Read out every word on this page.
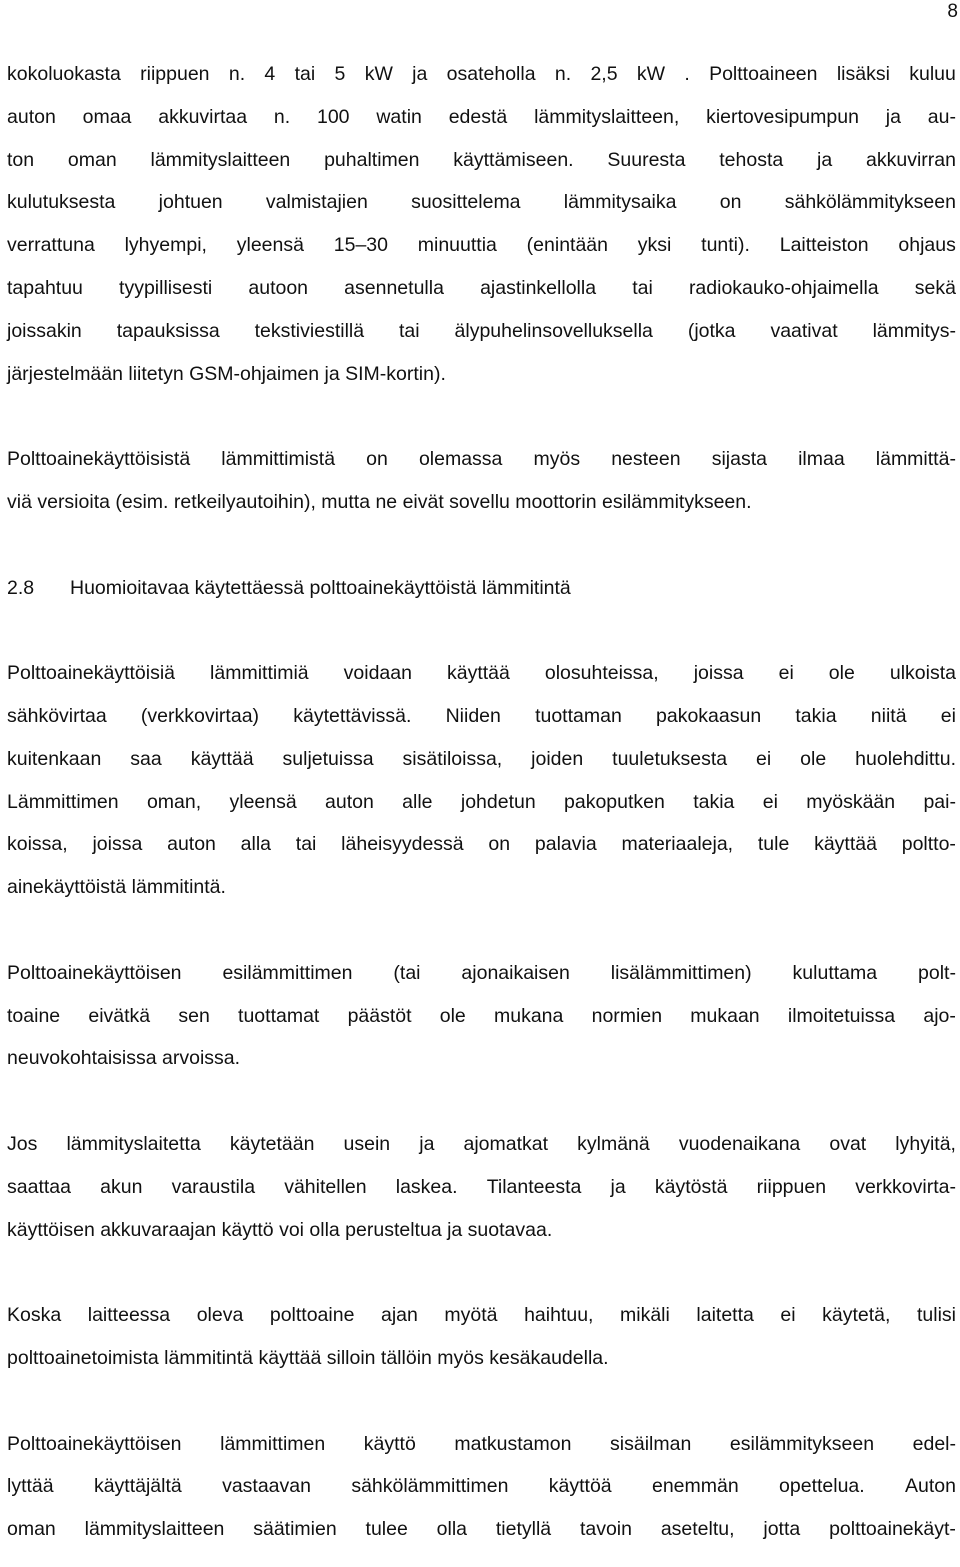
8
kokoluokasta riippuen n. 4 tai 5 kW ja osateholla n. 2,5 kW . Polttoaineen lisäksi kuluu
auton omaa akkuvirtaa n. 100 watin edestä lämmityslaitteen, kiertovesipumpun ja au-
ton oman lämmityslaitteen puhaltimen käyttämiseen. Suuresta tehosta ja akkuvirran
kulutuksesta johtuen valmistajien suosittelema lämmitysaika on sähkölämmitykseen
verrattuna lyhyempi, yleensä 15–30 minuuttia (enintään yksi tunti). Laitteiston ohjaus
tapahtuu tyypillisesti autoon asennetulla ajastinkellolla tai radiokauko-ohjaimella sekä
joissakin tapauksissa tekstiviestillä tai älypuhelinsovelluksella (jotka vaativat lämmitys-
järjestelmään liitetyn GSM-ohjaimen ja SIM-kortin).
Polttoainekäyttöisistä lämmittimistä on olemassa myös nesteen sijasta ilmaa lämmittä-
viä versioita (esim. retkeilyautoihin), mutta ne eivät sovellu moottorin esilämmitykseen.
2.8	Huomioitavaa käytettäessä polttoainekäyttöistä lämmitintä
Polttoainekäyttöisiä lämmittimiä voidaan käyttää olosuhteissa, joissa ei ole ulkoista
sähkövirtaa (verkkovirtaa) käytettävissä. Niiden tuottaman pakokaasun takia niitä ei
kuitenkaan saa käyttää suljetuissa sisätiloissa, joiden tuuletuksesta ei ole huolehdittu.
Lämmittimen oman, yleensä auton alle johdetun pakoputken takia ei myöskään pai-
koissa, joissa auton alla tai läheisyydessä on palavia materiaaleja, tule käyttää poltto-
ainekäyttöistä lämmitintä.
Polttoainekäyttöisen esilämmittimen (tai ajonaikaisen lisälämmittimen) kuluttama polt-
toaine eivätkä sen tuottamat päästöt ole mukana normien mukaan ilmoitetuissa ajo-
neuvokohtaisissa arvoissa.
Jos lämmityslaitetta käytetään usein ja ajomatkat kylmänä vuodenaikana ovat lyhyitä,
saattaa akun varaustila vähitellen laskea. Tilanteesta ja käytöstä riippuen verkkovirta-
käyttöisen akkuvaraajan käyttö voi olla perusteltua ja suotavaa.
Koska laitteessa oleva polttoaine ajan myötä haihtuu, mikäli laitetta ei käytetä, tulisi
polttoainetoimista lämmitintä käyttää silloin tällöin myös kesäkaudella.
Polttoainekäyttöisen lämmittimen käyttö matkustamon sisäilman esilämmitykseen edel-
lyttää käyttäjältä vastaavan sähkölämmittimen käyttöä enemmän opettelua. Auton
oman lämmityslaitteen säätimien tulee olla tietyllä tavoin aseteltu, jotta polttoainekäyt-
